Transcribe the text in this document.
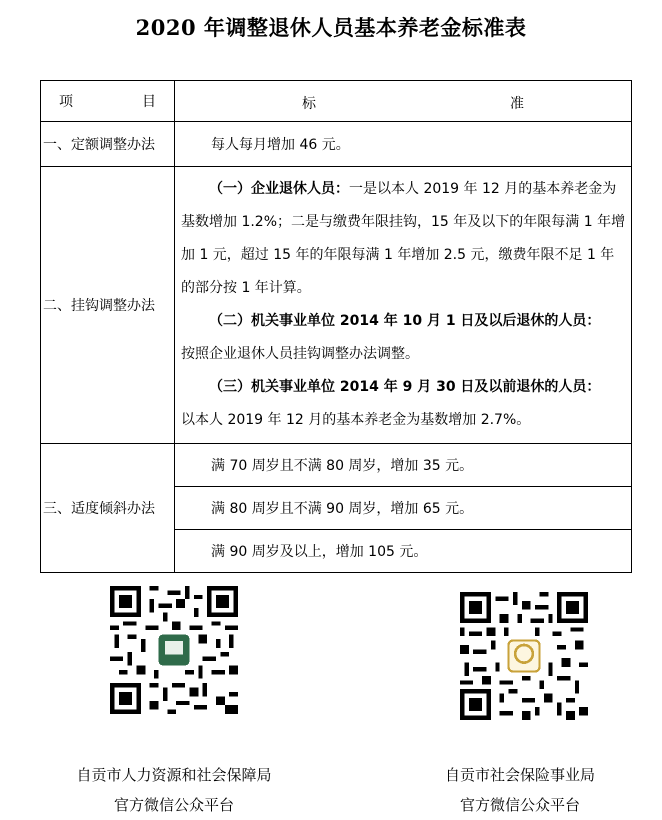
2020 年调整退休人员基本养老金标准表
项 目	标 准

一、定额调整办法	每人每月增加 46 元。
二、挂钩调整办法	（一）企业退休人员：一是以本人 2019 年 12 月的基本养老金为基数增加 1.2%；二是与缴费年限挂钩，15 年及以下的年限每满 1 年增加 1 元，超过 15 年的年限每满 1 年增加 2.5 元，缴费年限不足 1 年的部分按 1 年计算。

（二）机关事业单位 2014 年 10 月 1 日及以后退休的人员：

按照企业退休人员挂钩调整办法调整。

（三）机关事业单位 2014 年 9 月 30 日及以前退休的人员：

以本人 2019 年 12 月的基本养老金为基数增加 2.7%。

三、适度倾斜办法	满 70 周岁且不满 80 周岁，增加 35 元。
	满 80 周岁且不满 90 周岁，增加 65 元。
	满 90 周岁及以上，增加 105 元。
自贡市人力资源和社会保障局
官方微信公众平台
自贡市社会保险事业局
官方微信公众平台
